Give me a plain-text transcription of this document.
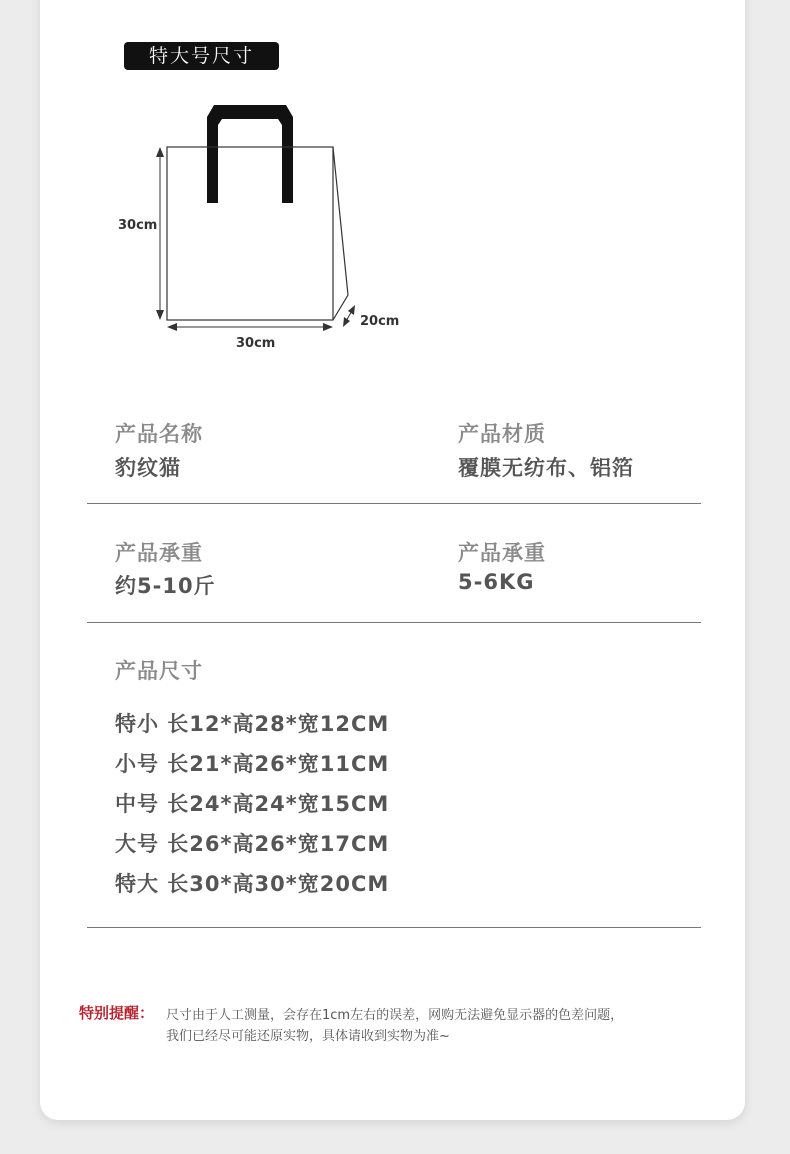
特大号尺寸
30cm
30cm
20cm
产品名称
豹纹猫
产品材质
覆膜无纺布、铝箔
产品承重
约5-10斤
产品承重
5-6KG
产品尺寸
特小 长12*高28*宽12CM
小号 长21*高26*宽11CM
中号 长24*高24*宽15CM
大号 长26*高26*宽17CM
特大 长30*高30*宽20CM
特别提醒： 尺寸由于人工测量，会存在1cm左右的误差，网购无法避免显示器的色差问题，
我们已经尽可能还原实物，具体请收到实物为准~
